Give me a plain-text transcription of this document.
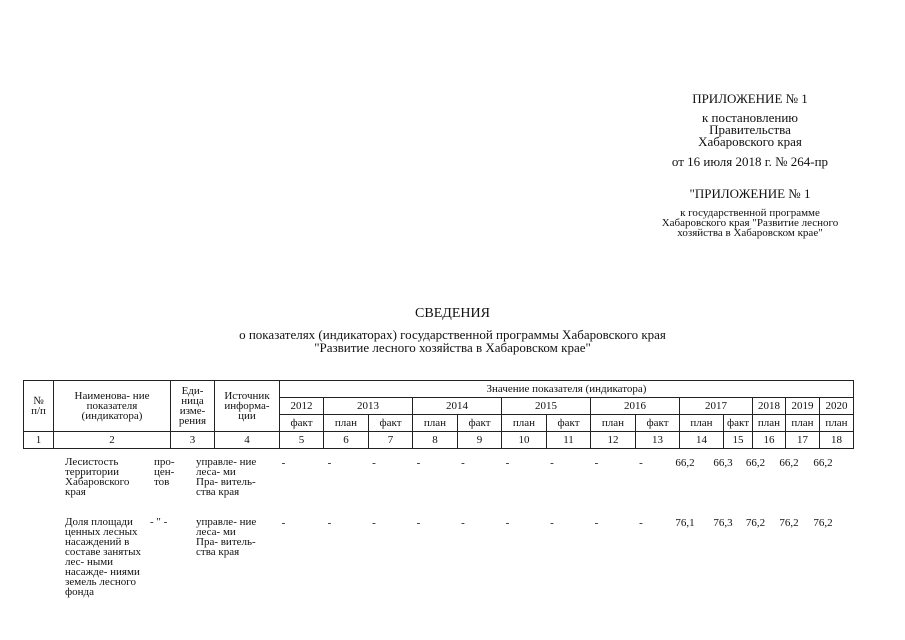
ПРИЛОЖЕНИЕ № 1
к постановлению
Правительства
Хабаровского края
от 16 июля 2018 г. № 264-пр
"ПРИЛОЖЕНИЕ № 1
к государственной программе
Хабаровского края "Развитие лесного
хозяйства в Хабаровском крае"
СВЕДЕНИЯ
о показателях (индикаторах) государственной программы Хабаровского края
"Развитие лесного хозяйства в Хабаровском крае"
№ п/п	Наименова- ние показателя (индикатора)	Еди- ница изме- рения	Источник информа- ции	Значение показателя (индикатора)													
				2012	2013		2014		2015		2016		2017		2018	2019	2020
				факт	план	факт	план	факт	план	факт	план	факт	план	факт	план	план	план
1	2	3	4	5	6	7	8	9	10	11	12	13	14	15	16	17	18
	Лесистость территории Хабаровского края	про- цен- тов	управле- ние леса- ми Пра- витель- ства края	-	-	-	-	-	-	-	-	-	66,2	66,3	66,2	66,2	66,2
	Доля площади ценных лесных насаждений в составе занятых лес- ными насажде- ниями земель лесного фонда	- " -	управле- ние леса- ми Пра- витель- ства края	-	-	-	-	-	-	-	-	-	76,1	76,3	76,2	76,2	76,2
